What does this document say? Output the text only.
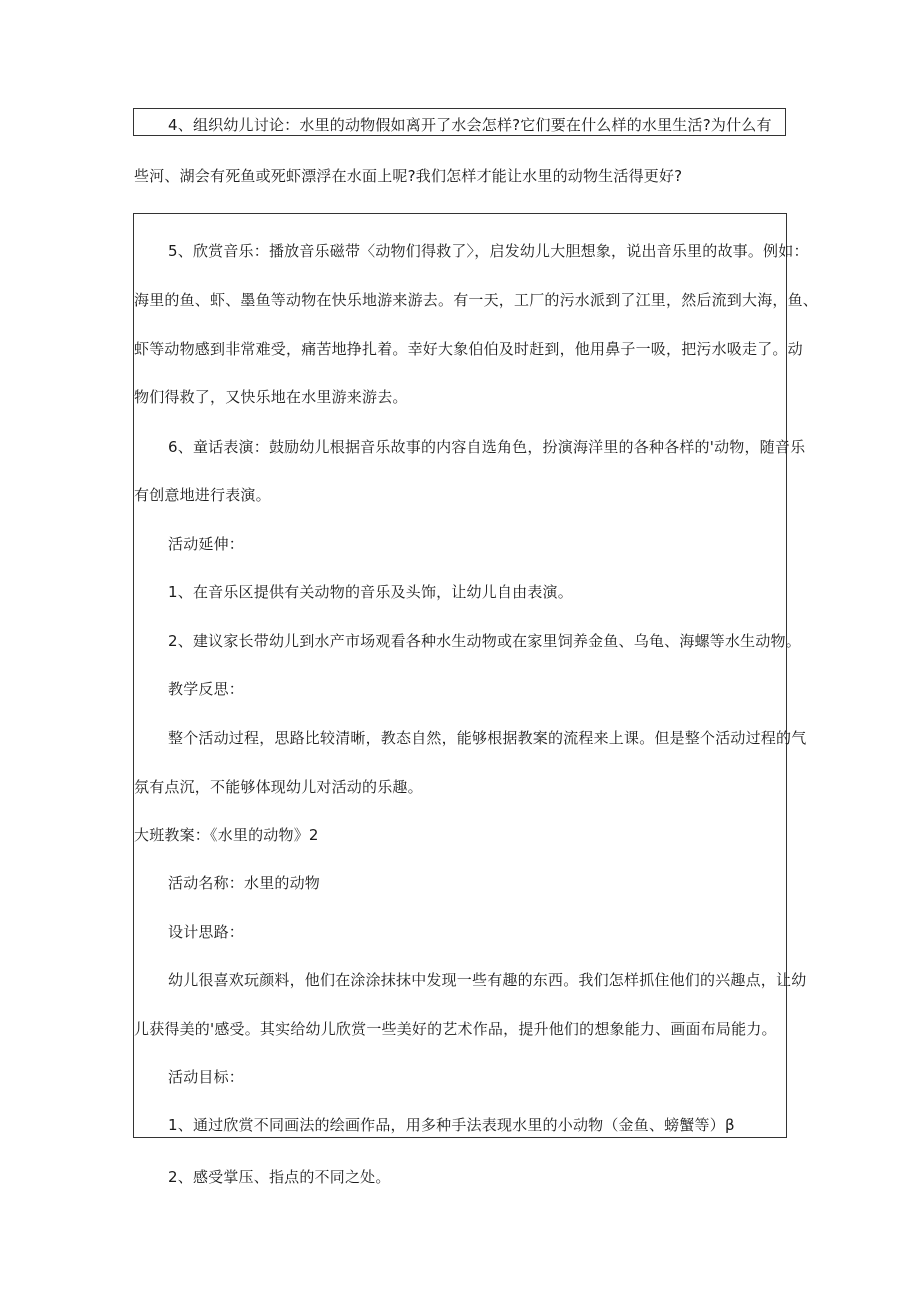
4、组织幼儿讨论：水里的动物假如离开了水会怎样?它们要在什么样的水里生活?为什么有
些河、湖会有死鱼或死虾漂浮在水面上呢?我们怎样才能让水里的动物生活得更好?
5、欣赏音乐：播放音乐磁带〈动物们得救了〉，启发幼儿大胆想象，说出音乐里的故事。例如：
海里的鱼、虾、墨鱼等动物在快乐地游来游去。有一天，工厂的污水派到了江里，然后流到大海，鱼、
虾等动物感到非常难受，痛苦地挣扎着。幸好大象伯伯及时赶到，他用鼻子一吸，把污水吸走了。动
物们得救了，又快乐地在水里游来游去。
6、童话表演：鼓励幼儿根据音乐故事的内容自选角色，扮演海洋里的各种各样的'动物，随音乐
有创意地进行表演。
活动延伸：
1、在音乐区提供有关动物的音乐及头饰，让幼儿自由表演。
2、建议家长带幼儿到水产市场观看各种水生动物或在家里饲养金鱼、乌龟、海螺等水生动物。
教学反思：
整个活动过程，思路比较清晰，教态自然，能够根据教案的流程来上课。但是整个活动过程的气
氛有点沉，不能够体现幼儿对活动的乐趣。
大班教案：《水里的动物》2
活动名称：水里的动物
设计思路：
幼儿很喜欢玩颜料，他们在涂涂抹抹中发现一些有趣的东西。我们怎样抓住他们的兴趣点，让幼
儿获得美的'感受。其实给幼儿欣赏一些美好的艺术作品，提升他们的想象能力、画面布局能力。
活动目标：
1、通过欣赏不同画法的绘画作品，用多种手法表现水里的小动物（金鱼、螃蟹等）β
2、感受掌压、指点的不同之处。
